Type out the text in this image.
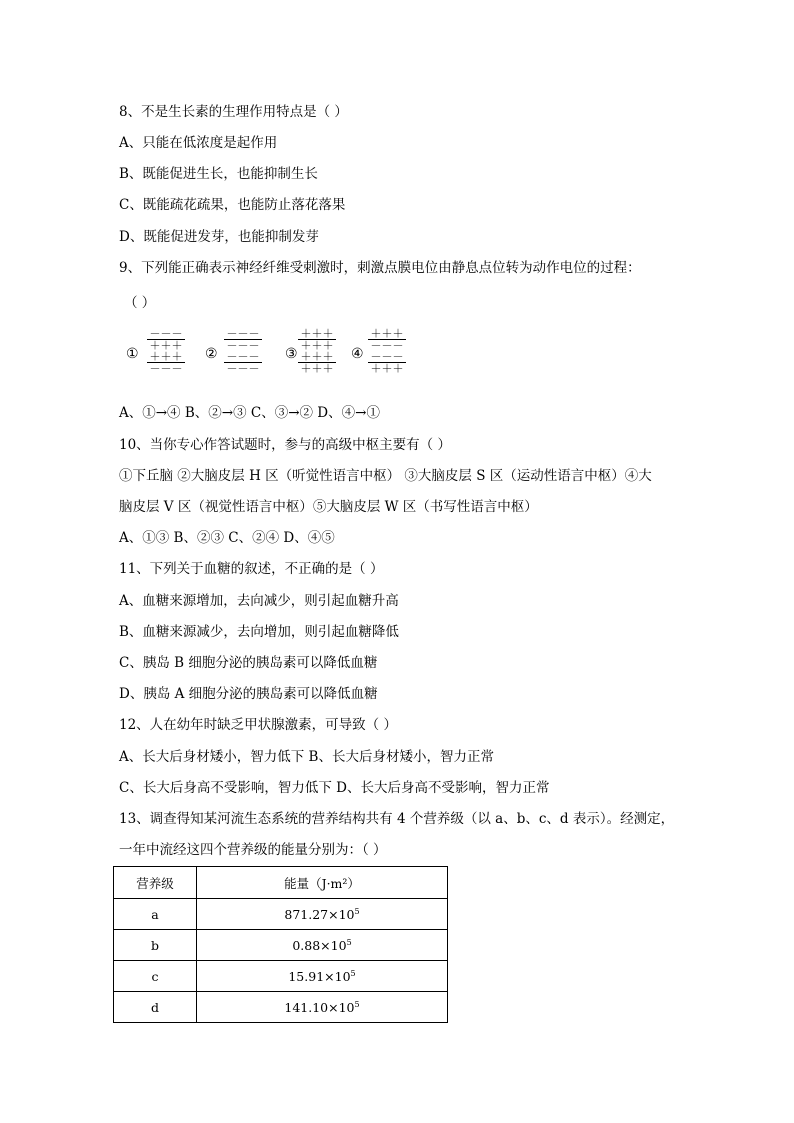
8、不是生长素的生理作用特点是（ ）
A、只能在低浓度是起作用
B、既能促进生长，也能抑制生长
C、既能疏花疏果，也能防止落花落果
D、既能促进发芽，也能抑制发芽
9、下列能正确表示神经纤维受刺激时，刺激点膜电位由静息点位转为动作电位的过程：
（ ）
①
－－－
＋＋＋
＋＋＋
－－－
②
－－－
－－－
－－－
－－－
③
＋＋＋
＋＋＋
＋＋＋
＋＋＋
④
＋＋＋
－－－
－－－
＋＋＋
A、①→④ B、②→③ C、③→② D、④→①
10、当你专心作答试题时，参与的高级中枢主要有（ ）
①下丘脑 ②大脑皮层 H 区（听觉性语言中枢） ③大脑皮层 S 区（运动性语言中枢）④大
脑皮层 V 区（视觉性语言中枢）⑤大脑皮层 W 区（书写性语言中枢）
A、①③ B、②③ C、②④ D、④⑤
11、下列关于血糖的叙述，不正确的是（ ）
A、血糖来源增加，去向减少，则引起血糖升高
B、血糖来源减少，去向增加，则引起血糖降低
C、胰岛 B 细胞分泌的胰岛素可以降低血糖
D、胰岛 A 细胞分泌的胰岛素可以降低血糖
12、人在幼年时缺乏甲状腺激素，可导致（ ）
A、长大后身材矮小，智力低下 B、长大后身材矮小，智力正常
C、长大后身高不受影响，智力低下 D、长大后身高不受影响，智力正常
13、调查得知某河流生态系统的营养结构共有 4 个营养级（以 a、b、c、d 表示）。经测定，
一年中流经这四个营养级的能量分别为：（ ）
营养级	能量（J·m²）
a	$871.27\times 10^5$
b	$0.88\times 10^5$
c	$15.91\times 10^5$
d	$141.10\times 10^5$
